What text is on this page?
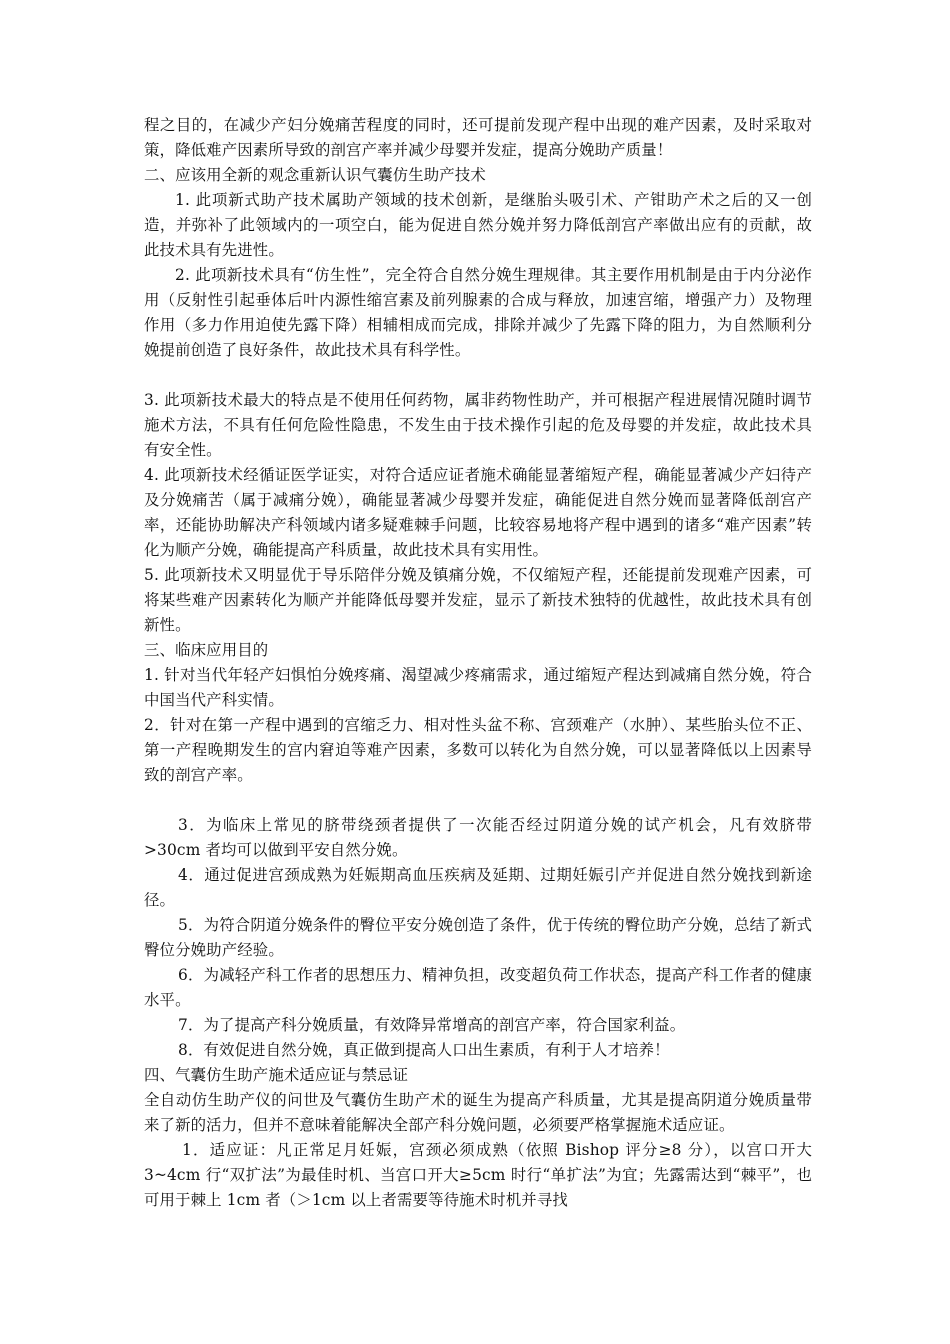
程之目的，在减少产妇分娩痛苦程度的同时，还可提前发现产程中出现的难产因素，及时采取对策，降低难产因素所导致的剖宫产率并减少母婴并发症，提高分娩助产质量！

二、应该用全新的观念重新认识气囊仿生助产技术

1. 此项新式助产技术属助产领域的技术创新，是继胎头吸引术、产钳助产术之后的又一创造，并弥补了此领域内的一项空白，能为促进自然分娩并努力降低剖宫产率做出应有的贡献，故此技术具有先进性。

2. 此项新技术具有“仿生性”，完全符合自然分娩生理规律。其主要作用机制是由于内分泌作用（反射性引起垂体后叶内源性缩宫素及前列腺素的合成与释放，加速宫缩，增强产力）及物理作用（多力作用迫使先露下降）相辅相成而完成，排除并减少了先露下降的阻力，为自然顺利分娩提前创造了良好条件，故此技术具有科学性。

3. 此项新技术最大的特点是不使用任何药物，属非药物性助产，并可根据产程进展情况随时调节施术方法，不具有任何危险性隐患，不发生由于技术操作引起的危及母婴的并发症，故此技术具有安全性。

4. 此项新技术经循证医学证实，对符合适应证者施术确能显著缩短产程，确能显著减少产妇待产及分娩痛苦（属于减痛分娩），确能显著减少母婴并发症，确能促进自然分娩而显著降低剖宫产率，还能协助解决产科领域内诸多疑难棘手问题，比较容易地将产程中遇到的诸多“难产因素”转化为顺产分娩，确能提高产科质量，故此技术具有实用性。

5. 此项新技术又明显优于导乐陪伴分娩及镇痛分娩，不仅缩短产程，还能提前发现难产因素，可将某些难产因素转化为顺产并能降低母婴并发症，显示了新技术独特的优越性，故此技术具有创新性。

三、临床应用目的

1. 针对当代年轻产妇惧怕分娩疼痛、渴望减少疼痛需求，通过缩短产程达到减痛自然分娩，符合中国当代产科实情。

2．针对在第一产程中遇到的宫缩乏力、相对性头盆不称、宫颈难产（水肿）、某些胎头位不正、第一产程晚期发生的宫内窘迫等难产因素，多数可以转化为自然分娩，可以显著降低以上因素导致的剖宫产率。

3．为临床上常见的脐带绕颈者提供了一次能否经过阴道分娩的试产机会，凡有效脐带>30cm 者均可以做到平安自然分娩。

4．通过促进宫颈成熟为妊娠期高血压疾病及延期、过期妊娠引产并促进自然分娩找到新途径。

5．为符合阴道分娩条件的臀位平安分娩创造了条件，优于传统的臀位助产分娩，总结了新式臀位分娩助产经验。

6．为减轻产科工作者的思想压力、精神负担，改变超负荷工作状态，提高产科工作者的健康水平。

7．为了提高产科分娩质量，有效降异常增高的剖宫产率，符合国家利益。

8．有效促进自然分娩，真正做到提高人口出生素质，有利于人才培养！

四、气囊仿生助产施术适应证与禁忌证

全自动仿生助产仪的问世及气囊仿生助产术的诞生为提高产科质量，尤其是提高阴道分娩质量带来了新的活力，但并不意味着能解决全部产科分娩问题，必须要严格掌握施术适应证。

1．适应证：凡正常足月妊娠，宫颈必须成熟（依照 Bishop 评分≥8 分），以宫口开大3~4cm 行“双扩法”为最佳时机、当宫口开大≥5cm 时行“单扩法”为宜；先露需达到“棘平”，也可用于棘上 1cm 者（＞1cm 以上者需要等待施术时机并寻找
